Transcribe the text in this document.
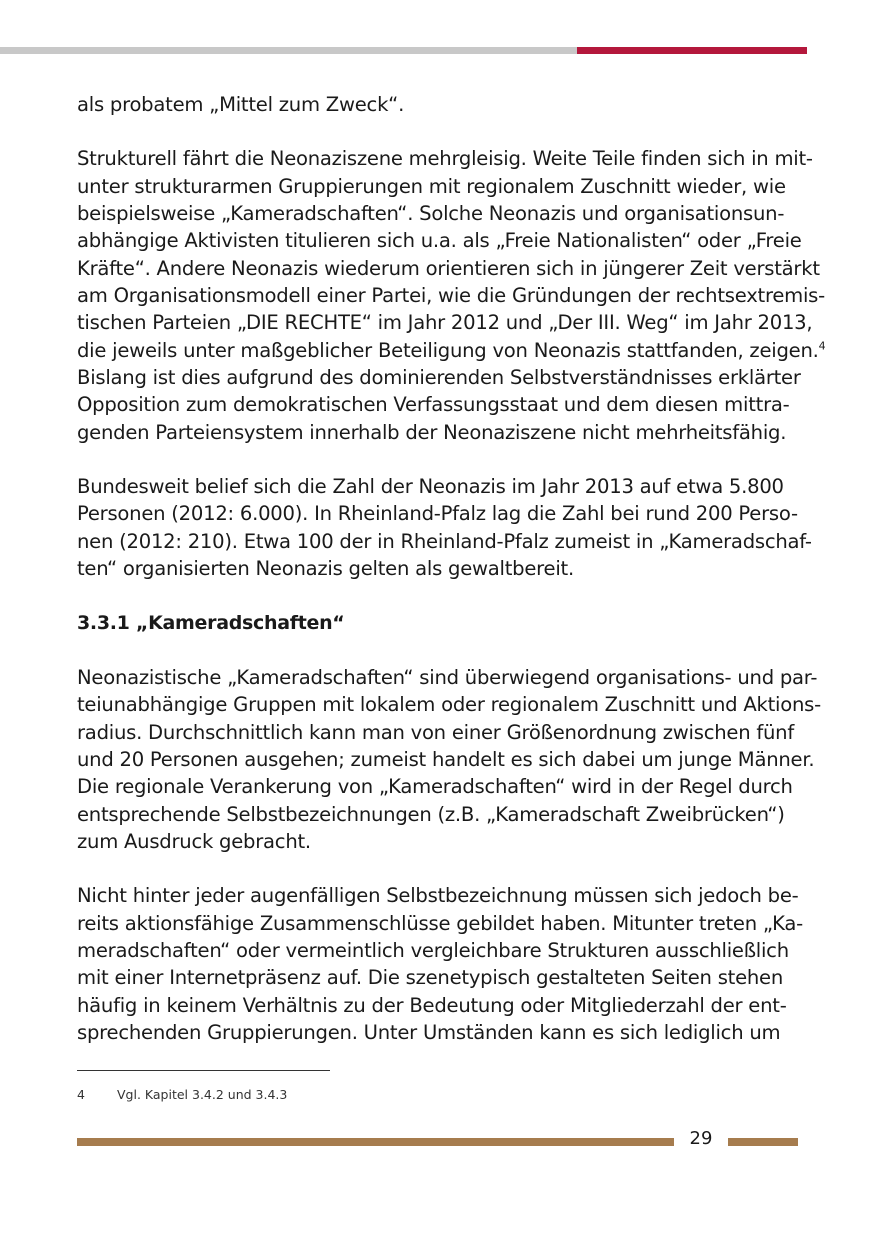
als probatem „Mittel zum Zweck“.

Strukturell fährt die Neonaziszene mehrgleisig. Weite Teile finden sich in mit-
unter strukturarmen Gruppierungen mit regionalem Zuschnitt wieder, wie
beispielsweise „Kameradschaften“. Solche Neonazis und organisationsun-
abhängige Aktivisten titulieren sich u.a. als „Freie Nationalisten“ oder „Freie
Kräfte“. Andere Neonazis wiederum orientieren sich in jüngerer Zeit verstärkt
am Organisationsmodell einer Partei, wie die Gründungen der rechtsextremis-
tischen Parteien „DIE RECHTE“ im Jahr 2012 und „Der III. Weg“ im Jahr 2013,
die jeweils unter maßgeblicher Beteiligung von Neonazis stattfanden, zeigen.$^4$
Bislang ist dies aufgrund des dominierenden Selbstverständnisses erklärter
Opposition zum demokratischen Verfassungsstaat und dem diesen mittra-
genden Parteiensystem innerhalb der Neonaziszene nicht mehrheitsfähig.

Bundesweit belief sich die Zahl der Neonazis im Jahr 2013 auf etwa 5.800
Personen (2012: 6.000). In Rheinland-Pfalz lag die Zahl bei rund 200 Perso-
nen (2012: 210). Etwa 100 der in Rheinland-Pfalz zumeist in „Kameradschaf-
ten“ organisierten Neonazis gelten als gewaltbereit.

3.3.1 „Kameradschaften“

Neonazistische „Kameradschaften“ sind überwiegend organisations- und par-
teiunabhängige Gruppen mit lokalem oder regionalem Zuschnitt und Aktions-
radius. Durchschnittlich kann man von einer Größenordnung zwischen fünf
und 20 Personen ausgehen; zumeist handelt es sich dabei um junge Männer.
Die regionale Verankerung von „Kameradschaften“ wird in der Regel durch
entsprechende Selbstbezeichnungen (z.B. „Kameradschaft Zweibrücken“)
zum Ausdruck gebracht.

Nicht hinter jeder augenfälligen Selbstbezeichnung müssen sich jedoch be-
reits aktionsfähige Zusammenschlüsse gebildet haben. Mitunter treten „Ka-
meradschaften“ oder vermeintlich vergleichbare Strukturen ausschließlich
mit einer Internetpräsenz auf. Die szenetypisch gestalteten Seiten stehen
häufig in keinem Verhältnis zu der Bedeutung oder Mitgliederzahl der ent-
sprechenden Gruppierungen. Unter Umständen kann es sich lediglich um

4	Vgl. Kapitel 3.4.2 und 3.4.3
29
